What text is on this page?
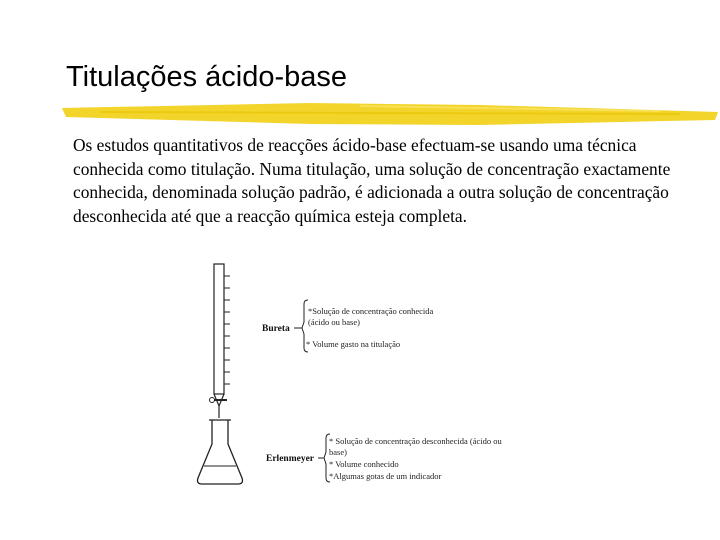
Titulações ácido-base
Os estudos quantitativos de reacções ácido-base efectuam-se usando uma técnica conhecida como titulação. Numa titulação, uma solução de concentração exactamente conhecida, denominada solução padrão, é adicionada a outra solução de concentração desconhecida até que a reacção química esteja completa.
Bureta
*Solução de concentração conhecida
(ácido ou base)
* Volume gasto na titulação
Erlenmeyer
* Solução de concentração desconhecida (ácido ou
base)
* Volume conhecido
*Algumas gotas de um indicador
